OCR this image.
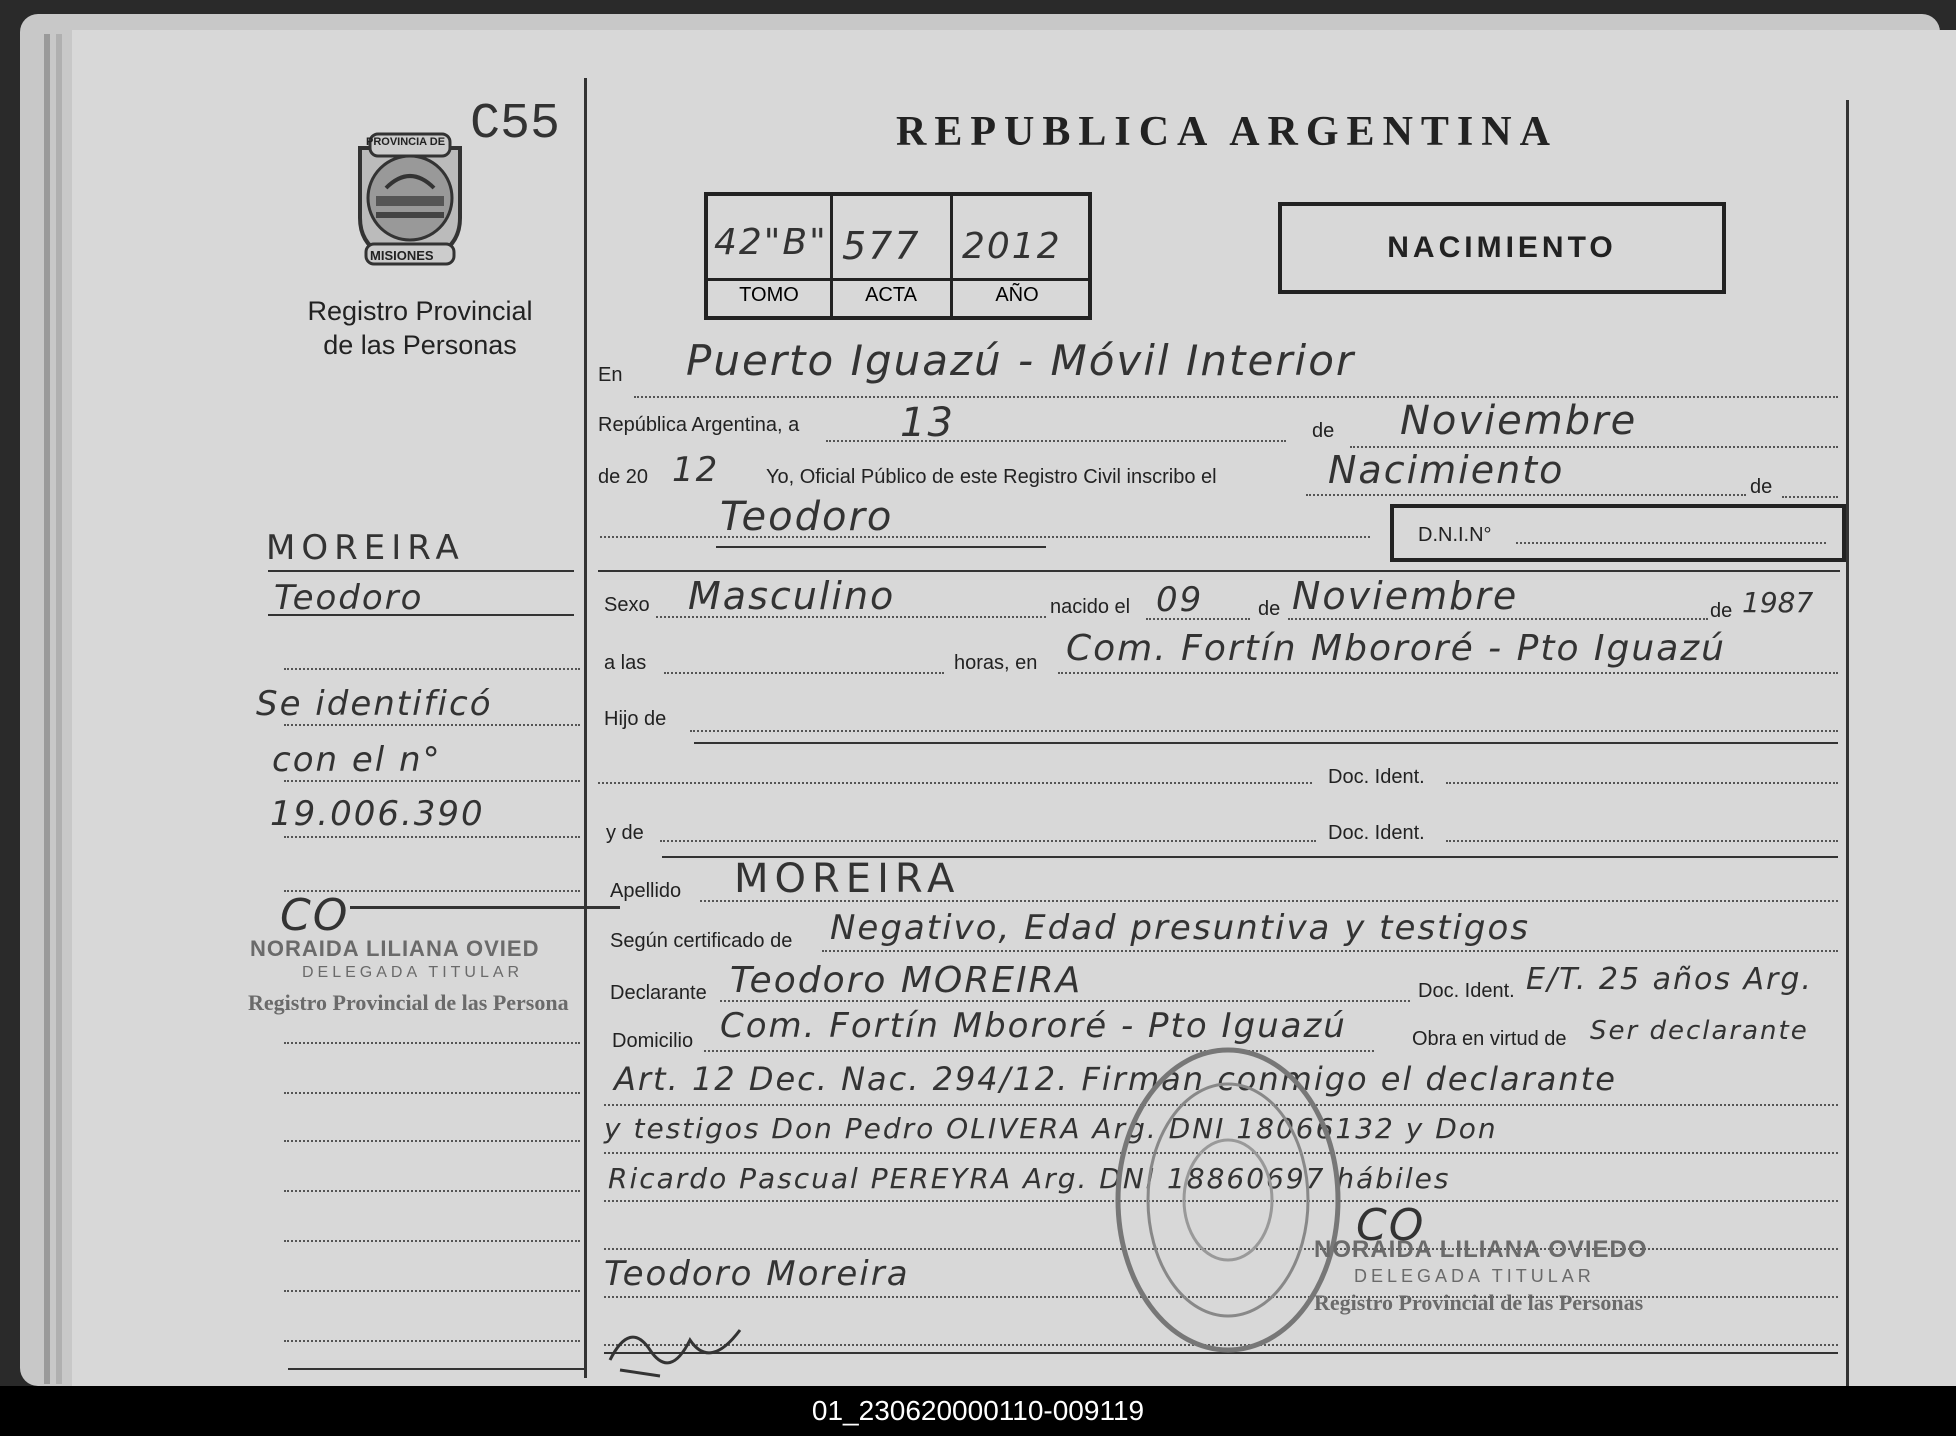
C55
PROVINCIA DE
MISIONES
Registro Provincial
de las Personas
REPUBLICA ARGENTINA
NACIMIENTO
42"B" 577 2012
TOMO	ACTA	AÑO
MOREIRA
Teodoro
Se identificó
con el n°
19.006.390
CO
NORAIDA LILIANA OVIED
DELEGADA TITULAR
Registro Provincial de las Persona
En Puerto Iguazú - Móvil Interior
República Argentina, a	13	de Noviembre
de 20 12 Yo, Oficial Público de este Registro Civil inscribo el	Nacimiento	de
Teodoro	D.N.I.N°
Sexo Masculino	nacido el 09	de Noviembre	de 1987
a las	horas, en Com. Fortín Mbororé - Pto Iguazú
Hijo de
Doc. Ident.
y de	Doc. Ident.
Apellido MOREIRA
Según certificado de Negativo, Edad presuntiva y testigos
Declarante Teodoro MOREIRA	Doc. Ident. E/T. 25 años Arg.
Domicilio Com. Fortín Mbororé - Pto Iguazú	Obra en virtud de Ser declarante
Art. 12 Dec. Nac. 294/12. Firman conmigo el declarante
y testigos Don Pedro OLIVERA Arg. DNI 18066132 y Don
Ricardo Pascual PEREYRA Arg. DNI 18860697 hábiles
CO
Teodoro Moreira
NORAIDA LILIANA OVIEDO
DELEGADA TITULAR
Registro Provincial de las Personas
01_230620000110-009119
